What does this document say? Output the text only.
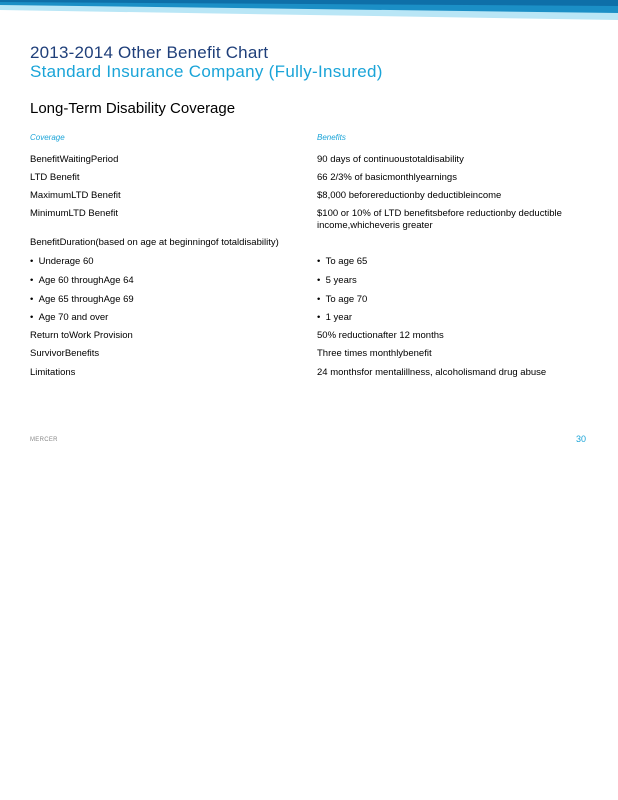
2013-2014 Other Benefit Chart
Standard Insurance Company (Fully-Insured)
Long-Term Disability Coverage
Coverage	Benefits
BenefitWaitingPeriod	90 days of continuoustotaldisability
LTD Benefit	66 2/3% of basicmonthlyearnings
MaximumLTD Benefit	$8,000 beforereductionby deductibleincome
MinimumLTD Benefit	$100 or 10% of LTD benefitsbefore reductionby deductible income,whicheveris greater
BenefitDuration(based on age at beginningof totaldisability)
•  Underage 60	•  To age 65
•  Age 60 throughAge 64	•  5 years
•  Age 65 throughAge 69	•  To age 70
•  Age 70 and over	•  1 year
Return toWork Provision	50% reductionafter 12 months
SurvivorBenefits	Three times monthlybenefit
Limitations	24 monthsfor mentalillness, alcoholismand drug abuse
MERCER	30
